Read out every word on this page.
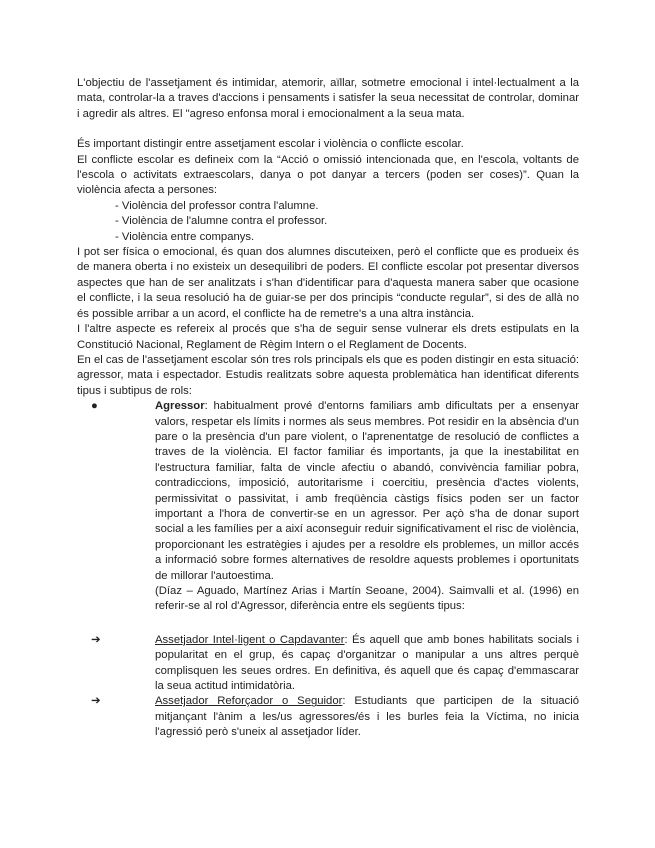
L'objectiu de l'assetjament és intimidar, atemorir, aïllar, sotmetre emocional i intel·lectualment a la mata, controlar-la a traves d'accions i pensaments i satisfer la seua necessitat de controlar, dominar i agredir als altres. El "agreso enfonsa moral i emocionalment a la seua mata.

És important distingir entre assetjament escolar i violència o conflicte escolar.

El conflicte escolar es defineix com la “Acció o omissió intencionada que, en l'escola, voltants de l'escola o activitats extraescolars, danya o pot danyar a tercers (poden ser coses)”. Quan la violència afecta a persones:

- Violència del professor contra l'alumne.
- Violència de l'alumne contra el professor.
- Violència entre companys.

I pot ser física o emocional, és quan dos alumnes discuteixen, però el conflicte que es produeix és de manera oberta i no existeix un desequilibri de poders. El conflicte escolar pot presentar diversos aspectes que han de ser analitzats i s'han d'identificar para d'aquesta manera saber que ocasione el conflicte, i la seua resolució ha de guiar-se per dos principis “conducte regular”, si des de allà no és possible arribar a un acord, el conflicte ha de remetre's a una altra instància.

I l'altre aspecte es refereix al procés que s'ha de seguir sense vulnerar els drets estipulats en la Constitució Nacional, Reglament de Règim Intern o el Reglament de Docents.

En el cas de l'assetjament escolar són tres rols principals els que es poden distingir en esta situació: agressor, mata i espectador. Estudis realitzats sobre aquesta problemàtica han identificat diferents tipus i subtipus de rols:

●	Agressor: habitualment prové d'entorns familiars amb dificultats per a ensenyar valors, respetar els límits i normes als seus membres. Pot residir en la absència d'un pare o la presència d'un pare violent, o l'aprenentatge de resolució de conflictes a traves de la violència. El factor familiar és importants, ja que la inestabilitat en l'estructura familiar, falta de vincle afectiu o abandó, convivència familiar pobra, contradiccions, imposició, autoritarisme i coercitiu, presència d'actes violents, permissivitat o passivitat, i amb freqüència càstigs físics poden ser un factor important a l'hora de convertir-se en un agressor. Per açò s'ha de donar suport social a les famílies per a així aconseguir reduir significativament el risc de violència, proporcionant les estratègies i ajudes per a resoldre els problemes, un millor accés a informació sobre formes alternatives de resoldre aquests problemes i oportunitats de millorar l'autoestima.

(Díaz – Aguado, Martínez Arias i Martín Seoane, 2004). Saimvalli et al. (1996) en referir-se al rol d'Agressor, diferència entre els següents tipus:

➔	Assetjador Intel·ligent o Capdavanter: És aquell que amb bones habilitats socials i popularitat en el grup, és capaç d'organitzar o manipular a uns altres perquè complisquen les seues ordres. En definitiva, és aquell que és capaç d'emmascarar la seua actitud intimidatòria.

➔	Assetjador Reforçador o Seguidor: Estudiants que participen de la situació mitjançant l'ànim a les/us agressores/és i les burles feia la Víctima, no inicia l'agressió però s'uneix al assetjador líder.
